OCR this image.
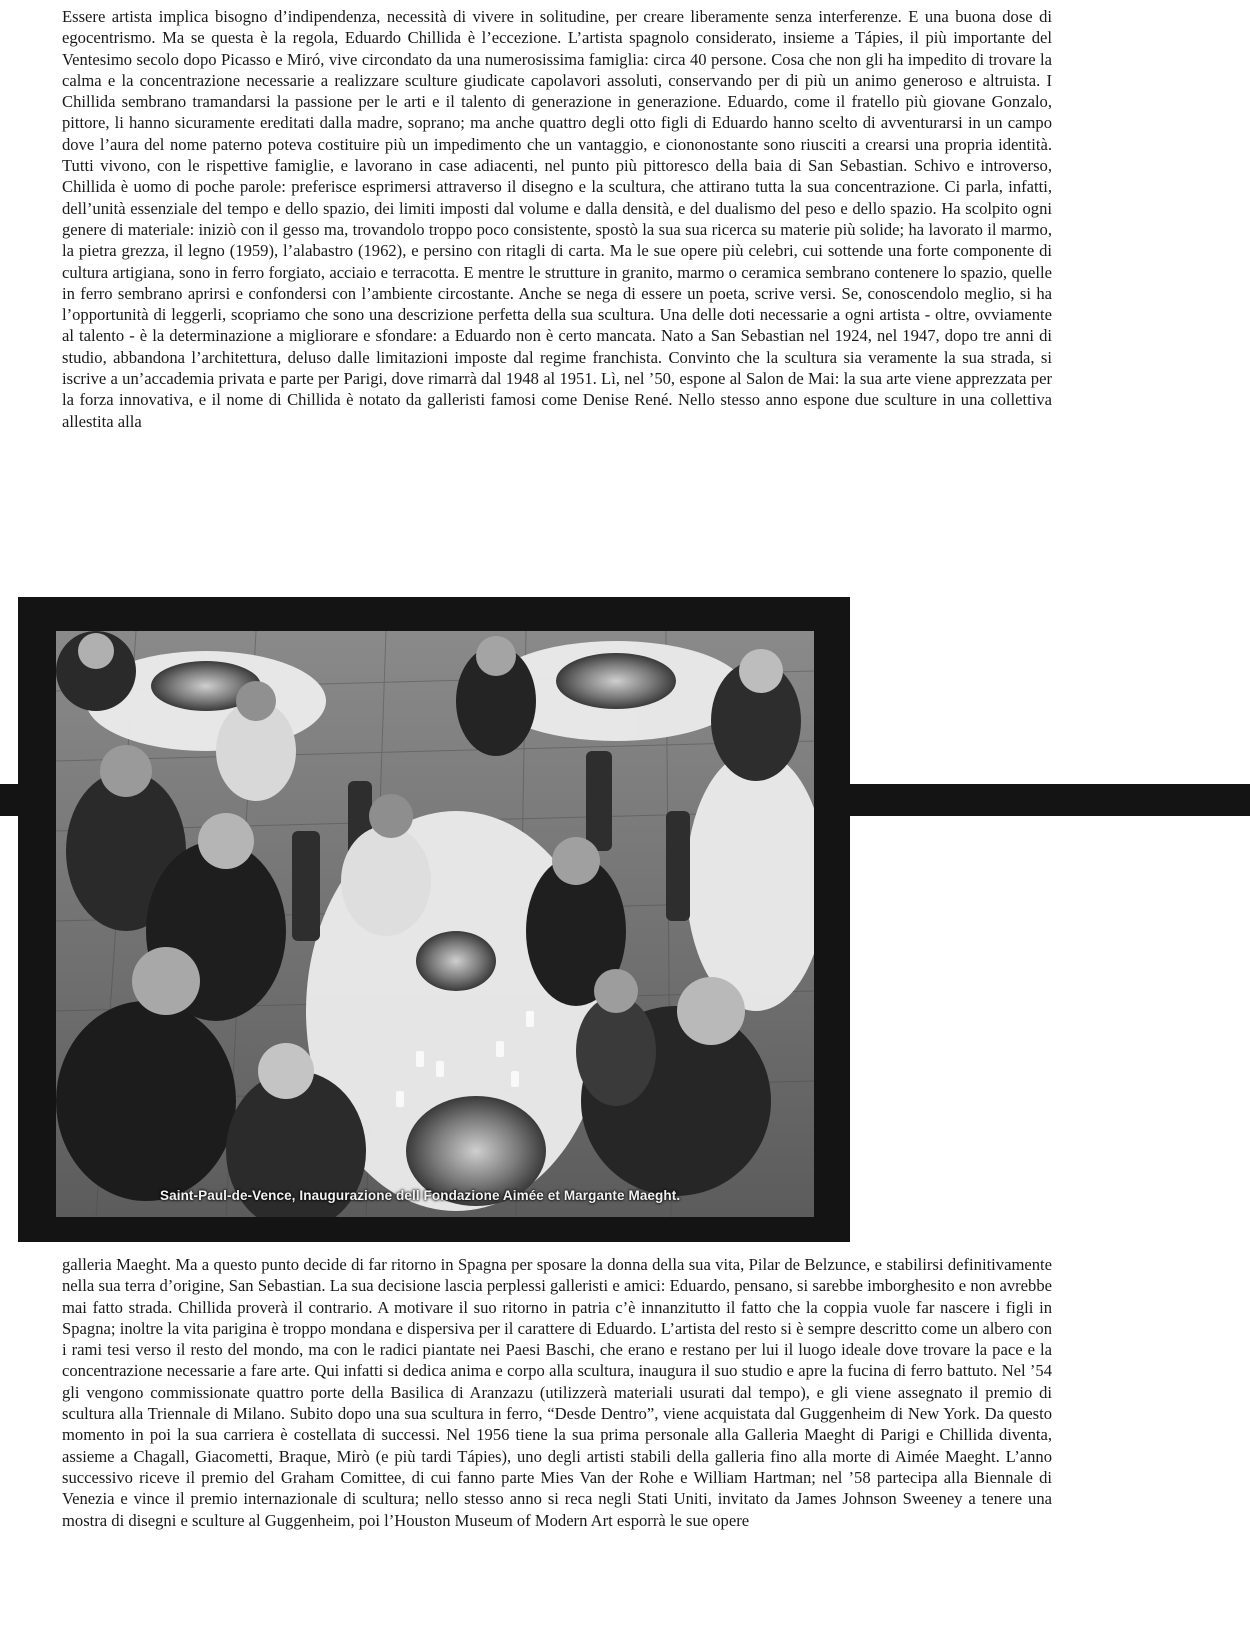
Essere artista implica bisogno d’indipendenza, necessità di vivere in solitudine, per creare liberamente senza interferenze. E una buona dose di egocentrismo. Ma se questa è la regola, Eduardo Chillida è l’eccezione. L’artista spagnolo considerato, insieme a Tápies, il più importante del Ventesimo secolo dopo Picasso e Miró, vive circondato da una numerosissima famiglia: circa 40 persone. Cosa che non gli ha impedito di trovare la calma e la concentrazione necessarie a realizzare sculture giudicate capolavori assoluti, conservando per di più un animo generoso e altruista. I Chillida sembrano tramandarsi la passione per le arti e il talento di generazione in generazione. Eduardo, come il fratello più giovane Gonzalo, pittore, li hanno sicuramente ereditati dalla madre, soprano; ma anche quattro degli otto figli di Eduardo hanno scelto di avventurarsi in un campo dove l’aura del nome paterno poteva costituire più un impedimento che un vantaggio, e ciononostante sono riusciti a crearsi una propria identità. Tutti vivono, con le rispettive famiglie, e lavorano in case adiacenti, nel punto più pittoresco della baia di San Sebastian. Schivo e introverso, Chillida è uomo di poche parole: preferisce esprimersi attraverso il disegno e la scultura, che attirano tutta la sua concentrazione. Ci parla, infatti, dell’unità essenziale del tempo e dello spazio, dei limiti imposti dal volume e dalla densità, e del dualismo del peso e dello spazio. Ha scolpito ogni genere di materiale: iniziò con il gesso ma, trovandolo troppo poco consistente, spostò la sua sua ricerca su materie più solide; ha lavorato il marmo, la pietra grezza, il legno (1959), l’alabastro (1962), e persino con ritagli di carta. Ma le sue opere più celebri, cui sottende una forte componente di cultura artigiana, sono in ferro forgiato, acciaio e terracotta. E mentre le strutture in granito, marmo o ceramica sembrano contenere lo spazio, quelle in ferro sembrano aprirsi e confondersi con l’ambiente circostante. Anche se nega di essere un poeta, scrive versi. Se, conoscendolo meglio, si ha l’opportunità di leggerli, scopriamo che sono una descrizione perfetta della sua scultura. Una delle doti necessarie a ogni artista - oltre, ovviamente al talento - è la determinazione a migliorare e sfondare: a Eduardo non è certo mancata. Nato a San Sebastian nel 1924, nel 1947, dopo tre anni di studio, abbandona l’architettura, deluso dalle limitazioni imposte dal regime franchista. Convinto che la scultura sia veramente la sua strada, si iscrive a un’accademia privata e parte per Parigi, dove rimarrà dal 1948 al 1951. Lì, nel ’50, espone al Salon de Mai: la sua arte viene apprezzata per la forza innovativa, e il nome di Chillida è notato da galleristi famosi come Denise René. Nello stesso anno espone due sculture in una collettiva allestita alla

Saint-Paul-de-Vence, Inaugurazione dell Fondazione Aimée et Margante Maeght.

galleria Maeght. Ma a questo punto decide di far ritorno in Spagna per sposare la donna della sua vita, Pilar de Belzunce, e stabilirsi definitivamente nella sua terra d’origine, San Sebastian. La sua decisione lascia perplessi galleristi e amici: Eduardo, pensano, si sarebbe imborghesito e non avrebbe mai fatto strada. Chillida proverà il contrario. A motivare il suo ritorno in patria c’è innanzitutto il fatto che la coppia vuole far nascere i figli in Spagna; inoltre la vita parigina è troppo mondana e dispersiva per il carattere di Eduardo. L’artista del resto si è sempre descritto come un albero con i rami tesi verso il resto del mondo, ma con le radici piantate nei Paesi Baschi, che erano e restano per lui il luogo ideale dove trovare la pace e la concentrazione necessarie a fare arte. Qui infatti si dedica anima e corpo alla scultura, inaugura il suo studio e apre la fucina di ferro battuto. Nel ’54 gli vengono commissionate quattro porte della Basilica di Aranzazu (utilizzerà materiali usurati dal tempo), e gli viene assegnato il premio di scultura alla Triennale di Milano. Subito dopo una sua scultura in ferro, “Desde Dentro”, viene acquistata dal Guggenheim di New York. Da questo momento in poi la sua carriera è costellata di successi. Nel 1956 tiene la sua prima personale alla Galleria Maeght di Parigi e Chillida diventa, assieme a Chagall, Giacometti, Braque, Mirò (e più tardi Tápies), uno degli artisti stabili della galleria fino alla morte di Aimée Maeght. L’anno successivo riceve il premio del Graham Comittee, di cui fanno parte Mies Van der Rohe e William Hartman; nel ’58 partecipa alla Biennale di Venezia e vince il premio internazionale di scultura; nello stesso anno si reca negli Stati Uniti, invitato da James Johnson Sweeney a tenere una mostra di disegni e sculture al Guggenheim, poi l’Houston Museum of Modern Art esporrà le sue opere
